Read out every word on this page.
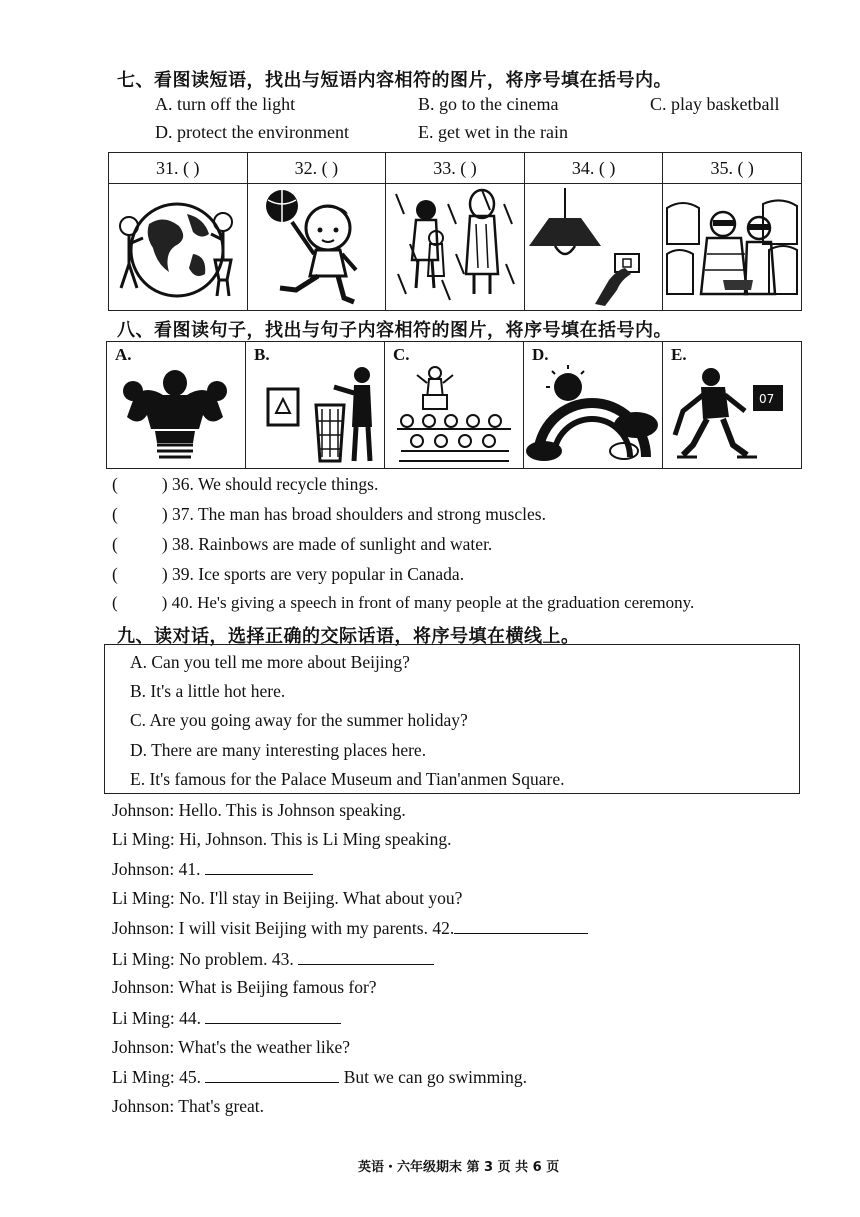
七、看图读短语，找出与短语内容相符的图片，将序号填在括号内。
A. turn off the light	B. go to the cinema	C. play basketball
D. protect the environment	E. get wet in the rain
31. ( )	32. ( )	33. ( )	34. ( )	35. ( )

八、看图读句子，找出与句子内容相符的图片，将序号填在括号内。
A.	B.	C.	D.	E.
07
(	) 36. We should recycle things.
(	) 37. The man has broad shoulders and strong muscles.
(	) 38. Rainbows are made of sunlight and water.
(	) 39. Ice sports are very popular in Canada.
(	) 40. He's giving a speech in front of many people at the graduation ceremony.
九、读对话，选择正确的交际话语，将序号填在横线上。
A. Can you tell me more about Beijing?
B. It's a little hot here.
C. Are you going away for the summer holiday?
D. There are many interesting places here.
E. It's famous for the Palace Museum and Tian'anmen Square.
Johnson: Hello. This is Johnson speaking.
Li Ming: Hi, Johnson. This is Li Ming speaking.
Johnson: 41.
Li Ming: No. I'll stay in Beijing. What about you?
Johnson: I will visit Beijing with my parents. 42.
Li Ming: No problem. 43.
Johnson: What is Beijing famous for?
Li Ming: 44.
Johnson: What's the weather like?
Li Ming: 45.	But we can go swimming.
Johnson: That's great.
英语・六年级期末 第 3 页 共 6 页
